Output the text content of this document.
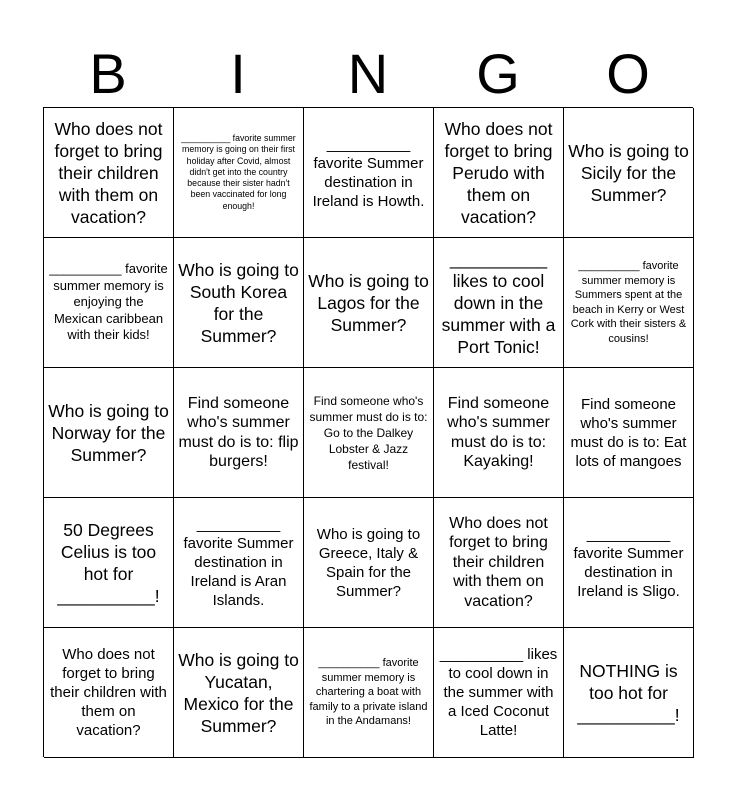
B	I	N	G	O
Who does not forget to bring their children with them on vacation?
__________ favorite summer memory is going on their first holiday after Covid, almost didn't get into the country because their sister hadn't been vaccinated for long enough!
__________ favorite Summer destination in Ireland is Howth.
Who does not forget to bring Perudo with them on vacation?
Who is going to Sicily for the Summer?
__________ favorite summer memory is enjoying the Mexican caribbean with their kids!
Who is going to South Korea for the Summer?
Who is going to Lagos for the Summer?
__________ likes to cool down in the summer with a Port Tonic!
__________ favorite summer memory is Summers spent at the beach in Kerry or West Cork with their sisters & cousins!
Who is going to Norway for the Summer?
Find someone who's summer must do is to: flip burgers!
Find someone who's summer must do is to: Go to the Dalkey Lobster & Jazz festival!
Find someone who's summer must do is to: Kayaking!
Find someone who's summer must do is to: Eat lots of mangoes
50 Degrees Celius is too hot for __________!
__________ favorite Summer destination in Ireland is Aran Islands.
Who is going to Greece, Italy & Spain for the Summer?
Who does not forget to bring their children with them on vacation?
__________ favorite Summer destination in Ireland is Sligo.
Who does not forget to bring their children with them on vacation?
Who is going to Yucatan, Mexico for the Summer?
__________ favorite summer memory is chartering a boat with family to a private island in the Andamans!
__________ likes to cool down in the summer with a Iced Coconut Latte!
NOTHING is too hot for __________!
